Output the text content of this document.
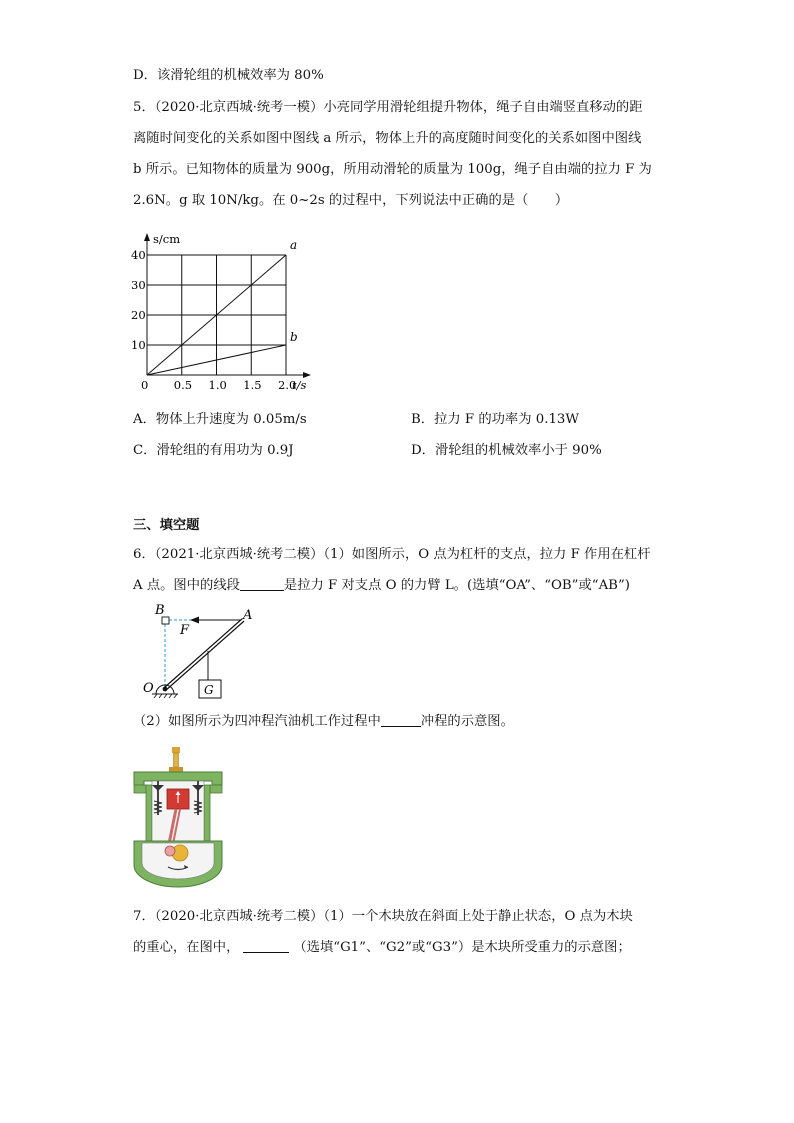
D．该滑轮组的机械效率为 80%
5．（2020·北京西城·统考一模）小亮同学用滑轮组提升物体，绳子自由端竖直移动的距
离随时间变化的关系如图中图线 a 所示，物体上升的高度随时间变化的关系如图中图线
b 所示。已知物体的质量为 900g，所用动滑轮的质量为 100g，绳子自由端的拉力 F 为
2.6N。g 取 10N/kg。在 0~2s 的过程中，下列说法中正确的是（　　）
a
b
0 0.5 1.0 1.5 2.0
10
20
30
40
t/s
s/cm
A．物体上升速度为 0.05m/s	B．拉力 F 的功率为 0.13W
C．滑轮组的有用功为 0.9J	D．滑轮组的机械效率小于 90%
三、填空题
6．（2021·北京西城·统考二模）（1）如图所示，O 点为杠杆的支点，拉力 F 作用在杠杆
A 点。图中的线段	是拉力 F 对支点 O 的力臂 L。(选填“OA”、“OB”或“AB”)
B	A
F
O	G
（2）如图所示为四冲程汽油机工作过程中	冲程的示意图。
7．（2020·北京西城·统考二模）（1）一个木块放在斜面上处于静止状态，O 点为木块
的重心，在图中，	（选填“G1”、“G2”或“G3”）是木块所受重力的示意图；
